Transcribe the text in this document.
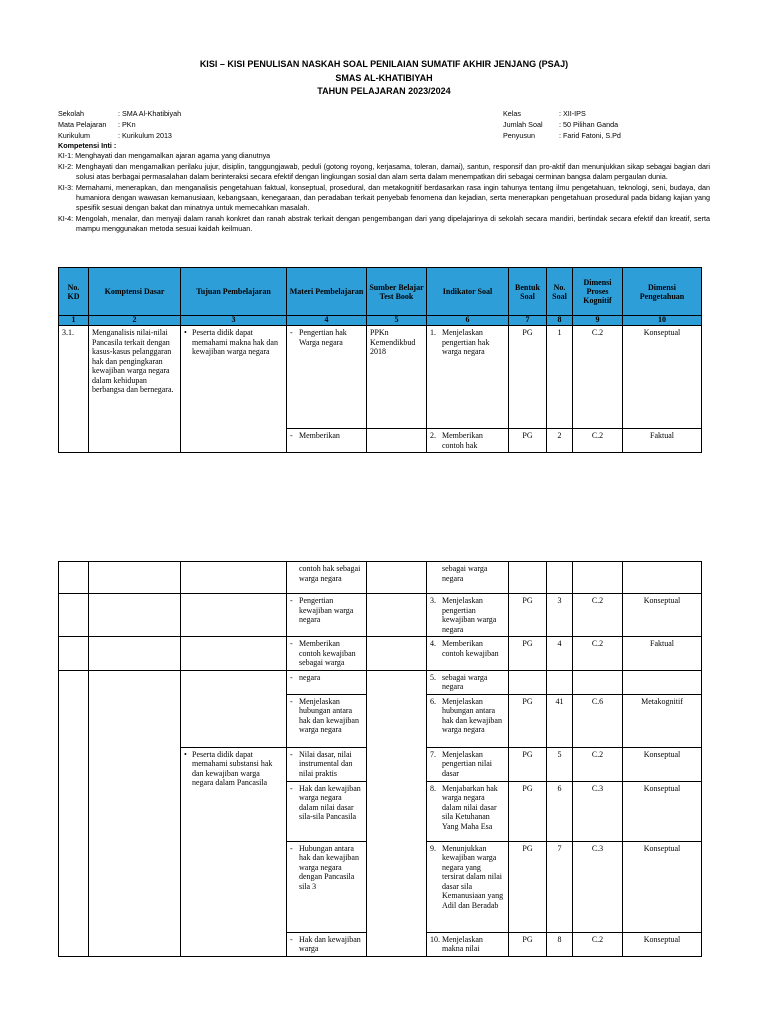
KISI – KISI PENULISAN NASKAH SOAL PENILAIAN SUMATIF AKHIR JENJANG (PSAJ)
SMAS AL-KHATIBIYAH
TAHUN PELAJARAN 2023/2024
Sekolah	: SMA Al-Khatibiyah
Mata Pelajaran	: PKn
Kurikulum	: Kurikulum 2013
Kelas	: XII-IPS
Jumlah Soal	: 50 Pilihan Ganda
Penyusun	: Farid Fatoni, S.Pd
Kompetensi Inti :

KI-1: Menghayati dan mengamalkan ajaran agama yang dianutnya

KI-2: Menghayati dan mengamalkan perilaku jujur, disiplin, tanggungjawab, peduli (gotong royong, kerjasama, toleran, damai), santun, responsif dan pro-aktif dan menunjukkan sikap sebagai bagian dari solusi atas berbagai permasalahan dalam berinteraksi secara efektif dengan lingkungan sosial dan alam serta dalam menempatkan diri sebagai cerminan bangsa dalam pergaulan dunia.

KI-3: Memahami, menerapkan, dan menganalisis pengetahuan faktual, konseptual, prosedural, dan metakognitif berdasarkan rasa ingin tahunya tentang ilmu pengetahuan, teknologi, seni, budaya, dan humaniora dengan wawasan kemanusiaan, kebangsaan, kenegaraan, dan peradaban terkait penyebab fenomena dan kejadian, serta menerapkan pengetahuan prosedural pada bidang kajian yang spesifik sesuai dengan bakat dan minatnya untuk memecahkan masalah.

KI-4: Mengolah, menalar, dan menyaji dalam ranah konkret dan ranah abstrak terkait dengan pengembangan dari yang dipelajarinya di sekolah secara mandiri, bertindak secara efektif dan kreatif, serta mampu menggunakan metoda sesuai kaidah keilmuan.

No. KD	Komptensi Dasar	Tujuan Pembelajaran	Materi Pembelajaran	Sumber Belajar Test Book	Indikator Soal	Bentuk Soal	No. Soal	Dimensi Proses Kognitif	Dimensi Pengetahuan
1	2	3	4	5	6	7	8	9	10
3.1.	Menganalisis nilai-nilai Pancasila terkait dengan kasus-kasus pelanggaran hak dan pengingkaran kewajiban warga negara dalam kehidupan berbangsa dan bernegara.	• Peserta didik dapat memahami makna hak dan kewajiban warga negara	- Pengertian hak Warga negara	PPKn Kemendikbud 2018	1. Menjelaskan pengertian hak warga negara	PG	1	C.2	Konseptual

			- Memberikan		2. Memberikan contoh hak	PG	2	C.2	Faktual

			contoh hak sebagai warga negara		sebagai warga negara				

			- Pengertian kewajiban warga negara		3. Menjelaskan pengertian kewajiban warga negara	PG	3	C.2	Konseptual

			- Memberikan contoh kewajiban sebagai warga		4. Memberikan contoh kewajiban	PG	4	C.2	Faktual

			- negara		5. sebagai warga negara				

			- Menjelaskan hubungan antara hak dan kewajiban warga negara		6. Menjelaskan hubungan antara hak dan kewajiban warga negara	PG	41	C.6	Metakognitif

		• Peserta didik dapat memahami substansi hak dan kewajiban warga negara dalam Pancasila	- Nilai dasar, nilai instrumental dan nilai praktis		7. Menjelaskan pengertian nilai dasar	PG	5	C.2	Konseptual

			- Hak dan kewajiban warga negara dalam nilai dasar sila-sila Pancasila		8. Menjabarkan hak warga negara dalam nilai dasar sila Ketuhanan Yang Maha Esa	PG	6	C.3	Konseptual

			- Hubungan antara hak dan kewajiban warga negara dengan Pancasila sila 3		9. Menunjukkan kewajiban warga negara yang tersirat dalam nilai dasar sila Kemanusiaan yang Adil dan Beradab	PG	7	C.3	Konseptual

			- Hak dan kewajiban warga		10. Menjelaskan makna nilai	PG	8	C.2	Konseptual
